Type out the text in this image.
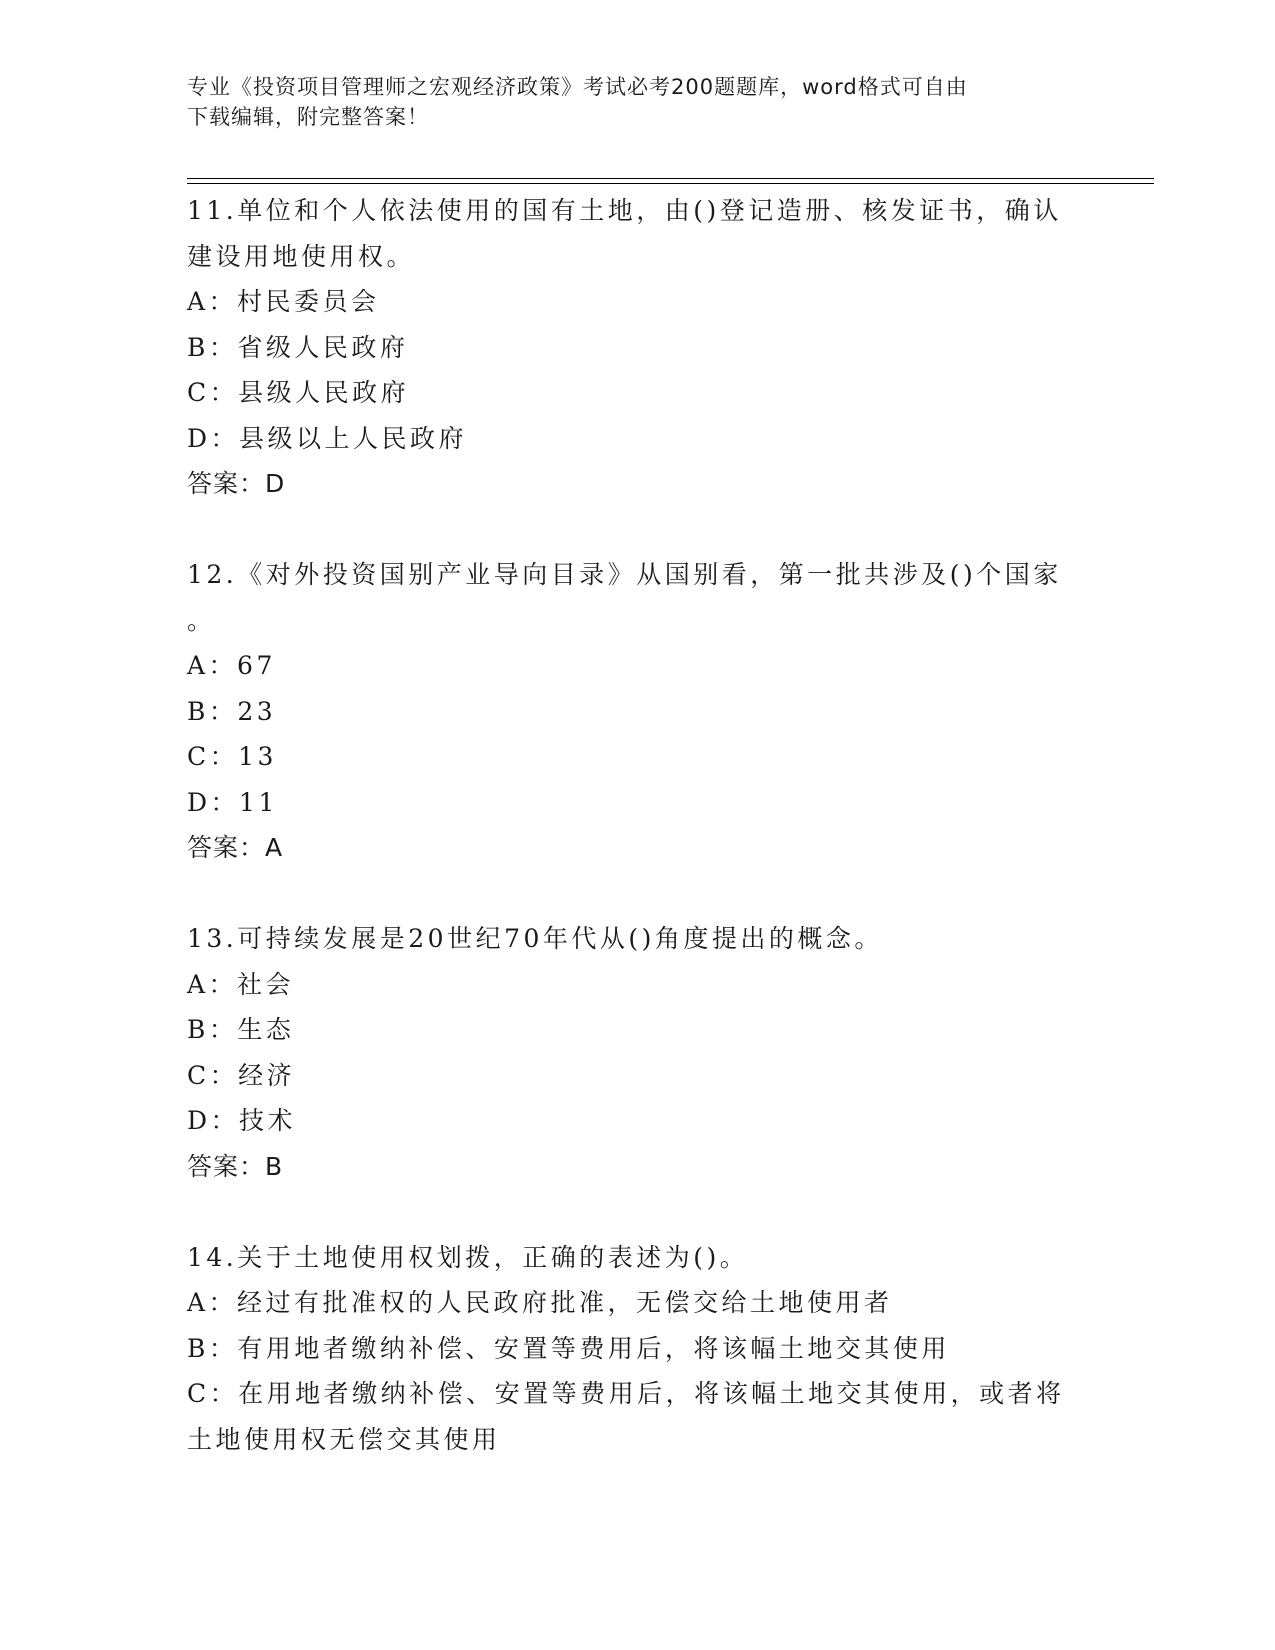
专业《投资项目管理师之宏观经济政策》考试必考200题题库，word格式可自由
下载编辑，附完整答案！
11.单位和个人依法使用的国有土地，由()登记造册、核发证书，确认
建设用地使用权。
A：村民委员会
B：省级人民政府
C：县级人民政府
D：县级以上人民政府
答案：D
12.《对外投资国别产业导向目录》从国别看，第一批共涉及()个国家
。
A：67
B：23
C：13
D：11
答案：A
13.可持续发展是20世纪70年代从()角度提出的概念。
A：社会
B：生态
C：经济
D：技术
答案：B
14.关于土地使用权划拨，正确的表述为()。
A：经过有批准权的人民政府批准，无偿交给土地使用者
B：有用地者缴纳补偿、安置等费用后，将该幅土地交其使用
C：在用地者缴纳补偿、安置等费用后，将该幅土地交其使用，或者将
土地使用权无偿交其使用
